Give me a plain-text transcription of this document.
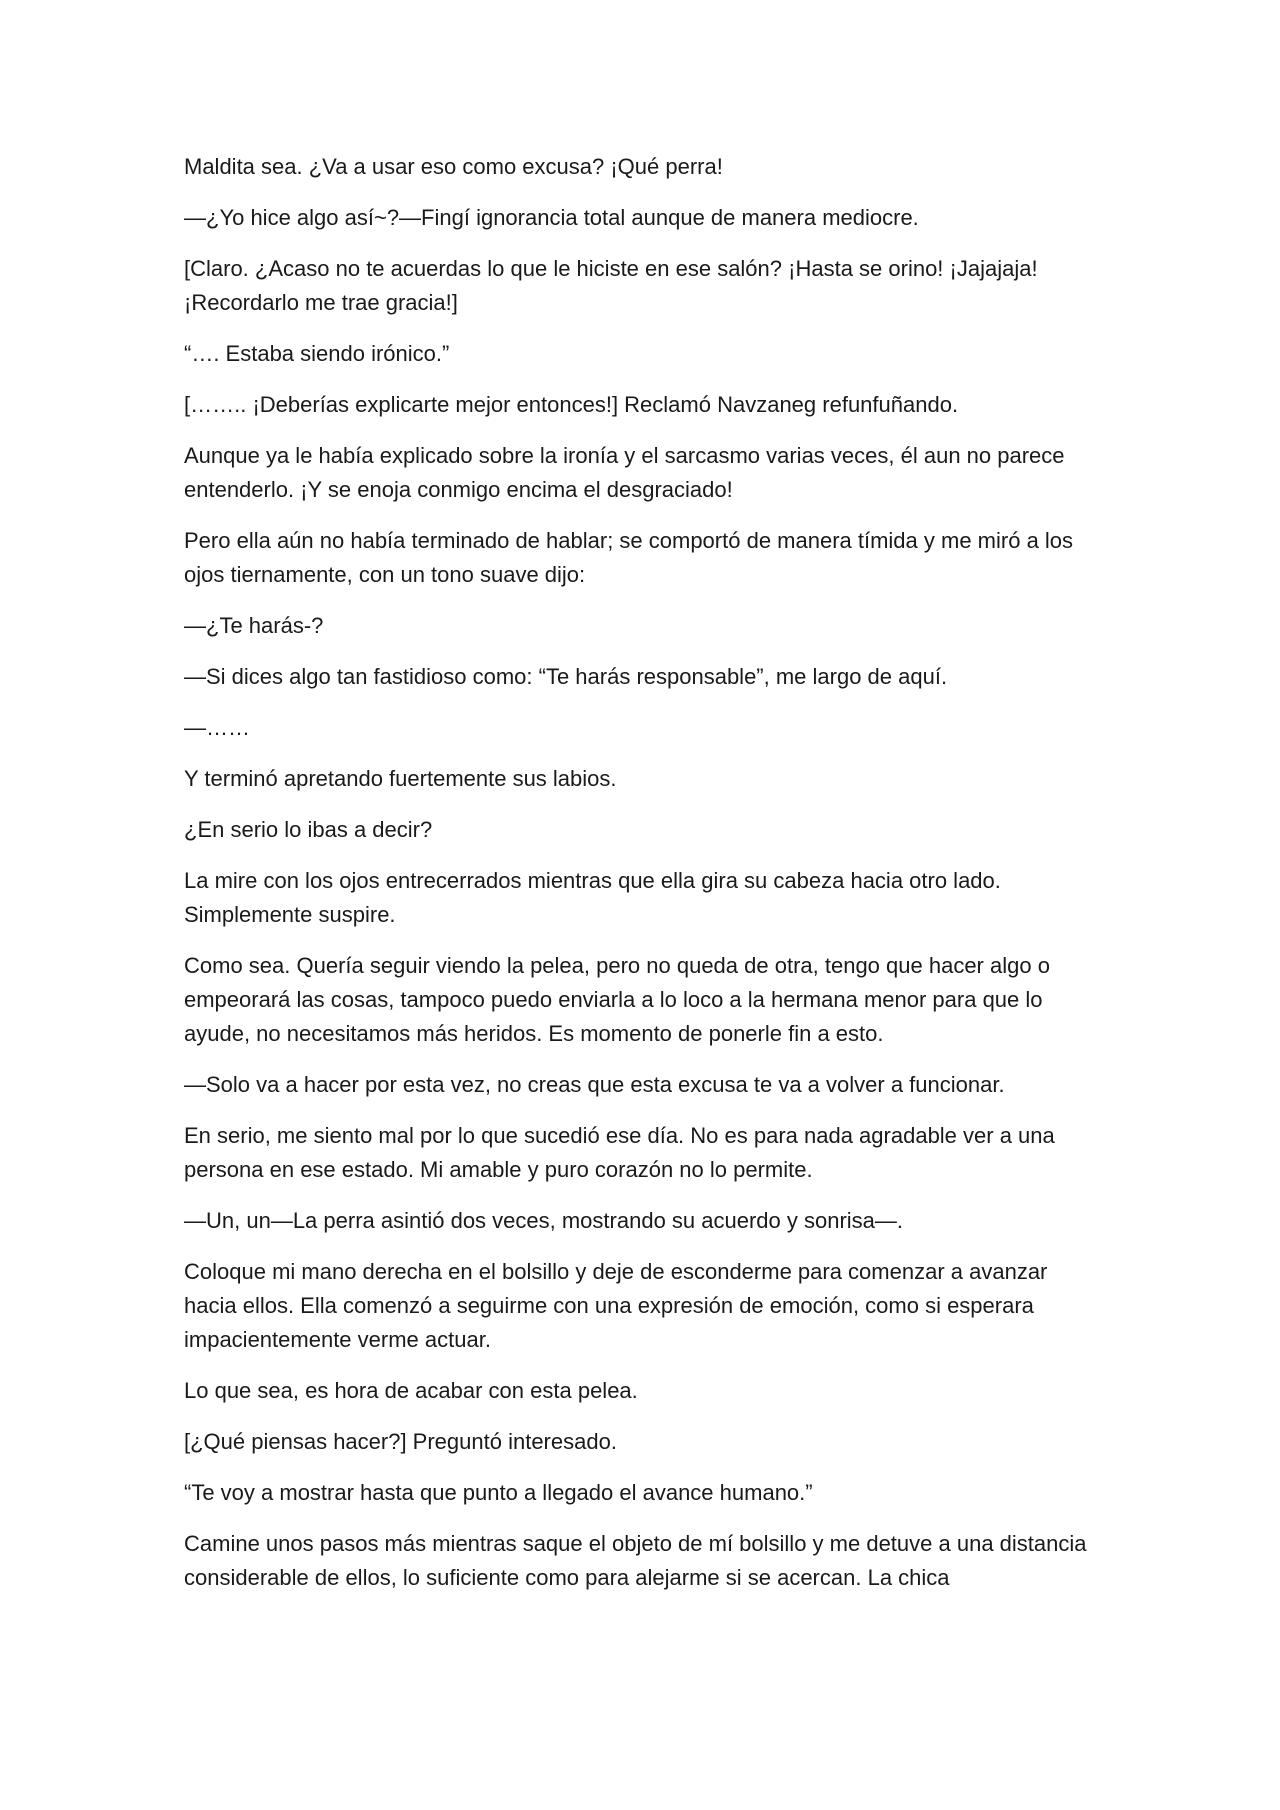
Maldita sea. ¿Va a usar eso como excusa? ¡Qué perra!

—¿Yo hice algo así~?—Fingí ignorancia total aunque de manera mediocre.

[Claro. ¿Acaso no te acuerdas lo que le hiciste en ese salón? ¡Hasta se orino! ¡Jajajaja! ¡Recordarlo me trae gracia!]

“…. Estaba siendo irónico.”

[…….. ¡Deberías explicarte mejor entonces!] Reclamó Navzaneg refunfuñando.

Aunque ya le había explicado sobre la ironía y el sarcasmo varias veces, él aun no parece entenderlo. ¡Y se enoja conmigo encima el desgraciado!

Pero ella aún no había terminado de hablar; se comportó de manera tímida y me miró a los ojos tiernamente, con un tono suave dijo:

—¿Te harás-?

—Si dices algo tan fastidioso como: “Te harás responsable”, me largo de aquí.

—……

Y terminó apretando fuertemente sus labios.

¿En serio lo ibas a decir?

La mire con los ojos entrecerrados mientras que ella gira su cabeza hacia otro lado. Simplemente suspire.

Como sea. Quería seguir viendo la pelea, pero no queda de otra, tengo que hacer algo o empeorará las cosas, tampoco puedo enviarla a lo loco a la hermana menor para que lo ayude, no necesitamos más heridos. Es momento de ponerle fin a esto.

—Solo va a hacer por esta vez, no creas que esta excusa te va a volver a funcionar.

En serio, me siento mal por lo que sucedió ese día. No es para nada agradable ver a una persona en ese estado. Mi amable y puro corazón no lo permite.

—Un, un—La perra asintió dos veces, mostrando su acuerdo y sonrisa—.

Coloque mi mano derecha en el bolsillo y deje de esconderme para comenzar a avanzar hacia ellos. Ella comenzó a seguirme con una expresión de emoción, como si esperara impacientemente verme actuar.

Lo que sea, es hora de acabar con esta pelea.

[¿Qué piensas hacer?] Preguntó interesado.

“Te voy a mostrar hasta que punto a llegado el avance humano.”

Camine unos pasos más mientras saque el objeto de mí bolsillo y me detuve a una distancia considerable de ellos, lo suficiente como para alejarme si se acercan. La chica
